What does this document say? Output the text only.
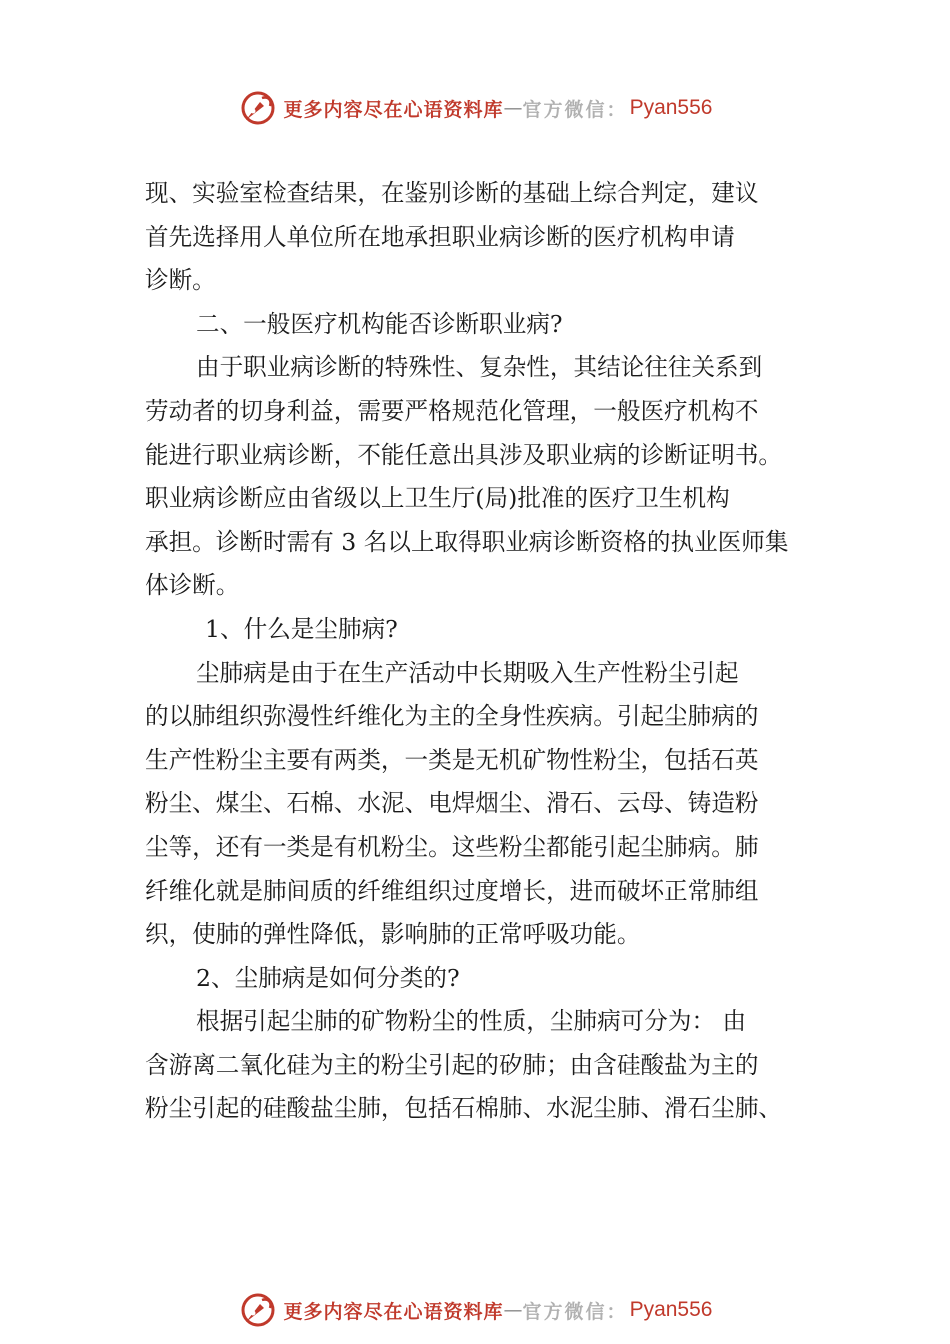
更多内容尽在心语资料库 — 官方微信： Pyan556

现、实验室检查结果，在鉴别诊断的基础上综合判定，建议

首先选择用人单位所在地承担职业病诊断的医疗机构申请

诊断。

二、一般医疗机构能否诊断职业病?

由于职业病诊断的特殊性、复杂性，其结论往往关系到

劳动者的切身利益，需要严格规范化管理，一般医疗机构不

能进行职业病诊断，不能任意出具涉及职业病的诊断证明书。

职业病诊断应由省级以上卫生厅(局)批准的医疗卫生机构

承担。诊断时需有 3 名以上取得职业病诊断资格的执业医师集

体诊断。

1、什么是尘肺病?

尘肺病是由于在生产活动中长期吸入生产性粉尘引起

的以肺组织弥漫性纤维化为主的全身性疾病。引起尘肺病的

生产性粉尘主要有两类，一类是无机矿物性粉尘，包括石英

粉尘、煤尘、石棉、水泥、电焊烟尘、滑石、云母、铸造粉

尘等，还有一类是有机粉尘。这些粉尘都能引起尘肺病。肺

纤维化就是肺间质的纤维组织过度增长，进而破坏正常肺组

织，使肺的弹性降低，影响肺的正常呼吸功能。

2、尘肺病是如何分类的?

根据引起尘肺的矿物粉尘的性质，尘肺病可分为： 由

含游离二氧化硅为主的粉尘引起的矽肺；由含硅酸盐为主的

粉尘引起的硅酸盐尘肺，包括石棉肺、水泥尘肺、滑石尘肺、

更多内容尽在心语资料库 — 官方微信： Pyan556
